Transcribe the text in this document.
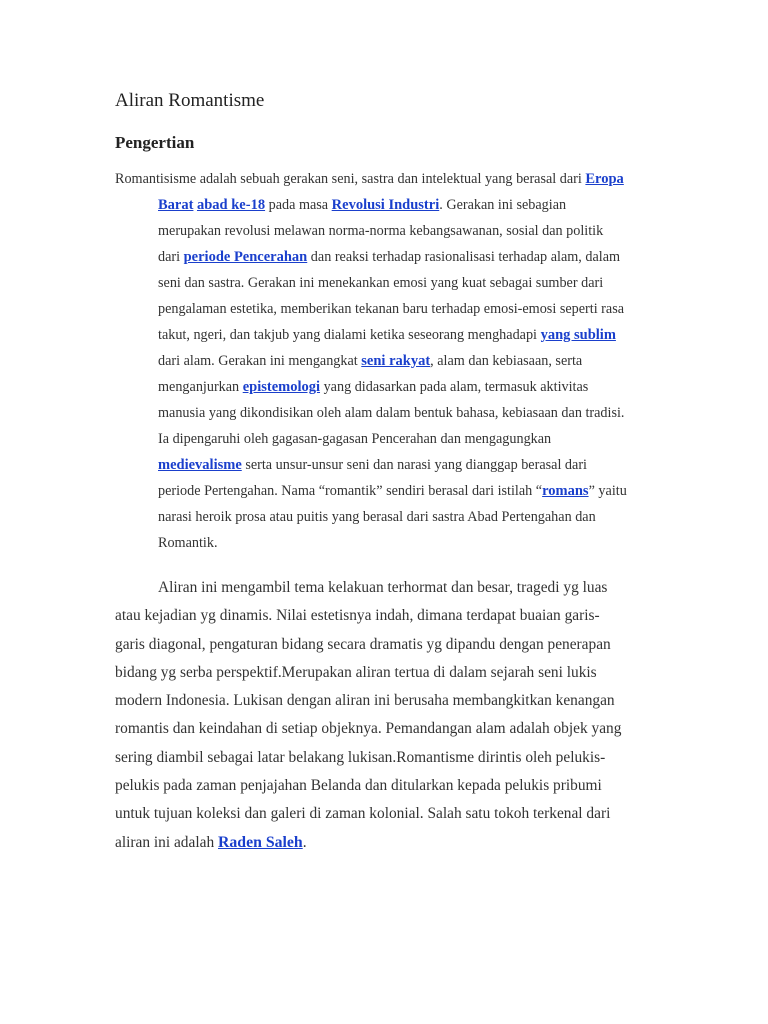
Aliran Romantisme
Pengertian
Romantisisme adalah sebuah gerakan seni, sastra dan intelektual yang berasal dari Eropa
Barat abad ke-18 pada masa Revolusi Industri. Gerakan ini sebagian
merupakan revolusi melawan norma-norma kebangsawanan, sosial dan politik
dari periode Pencerahan dan reaksi terhadap rasionalisasi terhadap alam, dalam
seni dan sastra. Gerakan ini menekankan emosi yang kuat sebagai sumber dari
pengalaman estetika, memberikan tekanan baru terhadap emosi-emosi seperti rasa
takut, ngeri, dan takjub yang dialami ketika seseorang menghadapi yang sublim
dari alam. Gerakan ini mengangkat seni rakyat, alam dan kebiasaan, serta
menganjurkan epistemologi yang didasarkan pada alam, termasuk aktivitas
manusia yang dikondisikan oleh alam dalam bentuk bahasa, kebiasaan dan tradisi.
Ia dipengaruhi oleh gagasan-gagasan Pencerahan dan mengagungkan
medievalisme serta unsur-unsur seni dan narasi yang dianggap berasal dari
periode Pertengahan. Nama “romantik” sendiri berasal dari istilah “romans” yaitu
narasi heroik prosa atau puitis yang berasal dari sastra Abad Pertengahan dan
Romantik.
Aliran ini mengambil tema kelakuan terhormat dan besar, tragedi yg luas
atau kejadian yg dinamis. Nilai estetisnya indah, dimana terdapat buaian garis-
garis diagonal, pengaturan bidang secara dramatis yg dipandu dengan penerapan
bidang yg serba perspektif.Merupakan aliran tertua di dalam sejarah seni lukis
modern Indonesia. Lukisan dengan aliran ini berusaha membangkitkan kenangan
romantis dan keindahan di setiap objeknya. Pemandangan alam adalah objek yang
sering diambil sebagai latar belakang lukisan.Romantisme dirintis oleh pelukis-
pelukis pada zaman penjajahan Belanda dan ditularkan kepada pelukis pribumi
untuk tujuan koleksi dan galeri di zaman kolonial. Salah satu tokoh terkenal dari
aliran ini adalah Raden Saleh.
